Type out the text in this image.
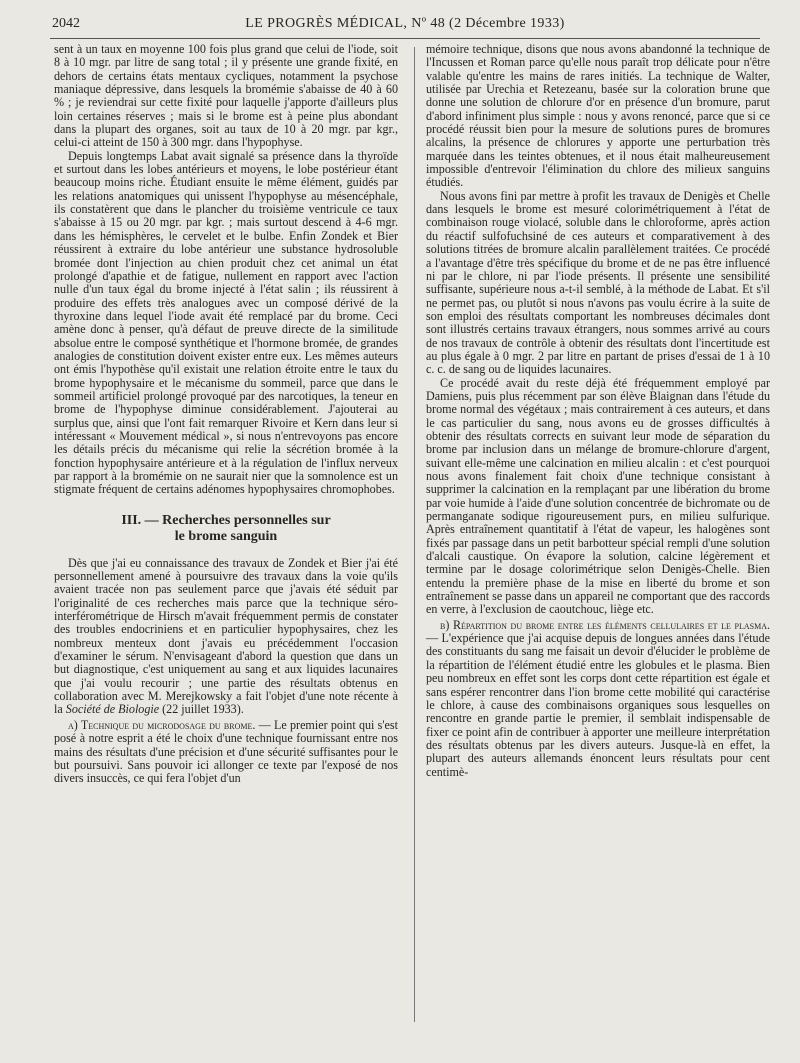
2042	LE PROGRÈS MÉDICAL, Nº 48 (2 Décembre 1933)

sent à un taux en moyenne 100 fois plus grand que celui de l'iode, soit 8 à 10 mgr. par litre de sang total ; il y présente une grande fixité, en dehors de certains états mentaux cycliques, notamment la psychose maniaque dépressive, dans lesquels la bromémie s'abaisse de 40 à 60 % ; je reviendrai sur cette fixité pour laquelle j'apporte d'ailleurs plus loin certaines réserves ; mais si le brome est à peine plus abondant dans la plupart des organes, soit au taux de 10 à 20 mgr. par kgr., celui-ci atteint de 150 à 300 mgr. dans l'hypophyse.

Depuis longtemps Labat avait signalé sa présence dans la thyroïde et surtout dans les lobes antérieurs et moyens, le lobe postérieur étant beaucoup moins riche. Étudiant ensuite le même élément, guidés par les relations anatomiques qui unissent l'hypophyse au mésencéphale, ils constatèrent que dans le plancher du troisième ventricule ce taux s'abaisse à 15 ou 20 mgr. par kgr. ; mais surtout descend à 4-6 mgr. dans les hémisphères, le cervelet et le bulbe. Enfin Zondek et Bier réussirent à extraire du lobe antérieur une substance hydrosoluble bromée dont l'injection au chien produit chez cet animal un état prolongé d'apathie et de fatigue, nullement en rapport avec l'action nulle d'un taux égal du brome injecté à l'état salin ; ils réussirent à produire des effets très analogues avec un composé dérivé de la thyroxine dans lequel l'iode avait été remplacé par du brome. Ceci amène donc à penser, qu'à défaut de preuve directe de la similitude absolue entre le composé synthétique et l'hormone bromée, de grandes analogies de constitution doivent exister entre eux. Les mêmes auteurs ont émis l'hypothèse qu'il existait une relation étroite entre le taux du brome hypophysaire et le mécanisme du sommeil, parce que dans le sommeil artificiel prolongé provoqué par des narcotiques, la teneur en brome de l'hypophyse diminue considérablement. J'ajouterai au surplus que, ainsi que l'ont fait remarquer Rivoire et Kern dans leur si intéressant « Mouvement médical », si nous n'entrevoyons pas encore les détails précis du mécanisme qui relie la sécrétion bromée à la fonction hypophysaire antérieure et à la régulation de l'influx nerveux par rapport à la bromémie on ne saurait nier que la somnolence est un stigmate fréquent de certains adénomes hypophysaires chromophobes.

III. — Recherches personnelles sur
le brome sanguin

Dès que j'ai eu connaissance des travaux de Zondek et Bier j'ai été personnellement amené à poursuivre des travaux dans la voie qu'ils avaient tracée non pas seulement parce que j'avais été séduit par l'originalité de ces recherches mais parce que la technique séro-interférométrique de Hirsch m'avait fréquemment permis de constater des troubles endocriniens et en particulier hypophysaires, chez les nombreux menteux dont j'avais eu précédemment l'occasion d'examiner le sérum. N'envisageant d'abord la question que dans un but diagnostique, c'est uniquement au sang et aux liquides lacunaires que j'ai voulu recourir ; une partie des résultats obtenus en collaboration avec M. Merejkowsky a fait l'objet d'une note récente à la Société de Biologie (22 juillet 1933).

a) Technique du microdosage du brome. — Le premier point qui s'est posé à notre esprit a été le choix d'une technique fournissant entre nos mains des résultats d'une précision et d'une sécurité suffisantes pour le but poursuivi. Sans pouvoir ici allonger ce texte par l'exposé de nos divers insuccès, ce qui fera l'objet d'un

mémoire technique, disons que nous avons abandonné la technique de l'Incussen et Roman parce qu'elle nous paraît trop délicate pour n'être valable qu'entre les mains de rares initiés. La technique de Walter, utilisée par Urechia et Retezeanu, basée sur la coloration brune que donne une solution de chlorure d'or en présence d'un bromure, parut d'abord infiniment plus simple : nous y avons renoncé, parce que si ce procédé réussit bien pour la mesure de solutions pures de bromures alcalins, la présence de chlorures y apporte une perturbation très marquée dans les teintes obtenues, et il nous était malheureusement impossible d'entrevoir l'élimination du chlore des milieux sanguins étudiés.

Nous avons fini par mettre à profit les travaux de Denigès et Chelle dans lesquels le brome est mesuré colorimétriquement à l'état de combinaison rouge violacé, soluble dans le chloroforme, après action du réactif sulfofuchsiné de ces auteurs et comparativement à des solutions titrées de bromure alcalin parallèlement traitées. Ce procédé a l'avantage d'être très spécifique du brome et de ne pas être influencé ni par le chlore, ni par l'iode présents. Il présente une sensibilité suffisante, supérieure nous a-t-il semblé, à la méthode de Labat. Et s'il ne permet pas, ou plutôt si nous n'avons pas voulu écrire à la suite de son emploi des résultats comportant les nombreuses décimales dont sont illustrés certains travaux étrangers, nous sommes arrivé au cours de nos travaux de contrôle à obtenir des résultats dont l'incertitude est au plus égale à 0 mgr. 2 par litre en partant de prises d'essai de 1 à 10 c. c. de sang ou de liquides lacunaires.

Ce procédé avait du reste déjà été fréquemment employé par Damiens, puis plus récemment par son élève Blaignan dans l'étude du brome normal des végétaux ; mais contrairement à ces auteurs, et dans le cas particulier du sang, nous avons eu de grosses difficultés à obtenir des résultats corrects en suivant leur mode de séparation du brome par inclusion dans un mélange de bromure-chlorure d'argent, suivant elle-même une calcination en milieu alcalin : et c'est pourquoi nous avons finalement fait choix d'une technique consistant à supprimer la calcination en la remplaçant par une libération du brome par voie humide à l'aide d'une solution concentrée de bichromate ou de permanganate sodique rigoureusement purs, en milieu sulfurique. Après entraînement quantitatif à l'état de vapeur, les halogènes sont fixés par passage dans un petit barbotteur spécial rempli d'une solution d'alcali caustique. On évapore la solution, calcine légèrement et termine par le dosage colorimétrique selon Denigès-Chelle. Bien entendu la première phase de la mise en liberté du brome et son entraînement se passe dans un appareil ne comportant que des raccords en verre, à l'exclusion de caoutchouc, liège etc.

b) Répartition du brome entre les éléments cellulaires et le plasma. — L'expérience que j'ai acquise depuis de longues années dans l'étude des constituants du sang me faisait un devoir d'élucider le problème de la répartition de l'élément étudié entre les globules et le plasma. Bien peu nombreux en effet sont les corps dont cette répartition est égale et sans espérer rencontrer dans l'ion brome cette mobilité qui caractérise le chlore, à cause des combinaisons organiques sous lesquelles on rencontre en grande partie le premier, il semblait indispensable de fixer ce point afin de contribuer à apporter une meilleure interprétation des résultats obtenus par les divers auteurs. Jusque-là en effet, la plupart des auteurs allemands énoncent leurs résultats pour cent centimè-
